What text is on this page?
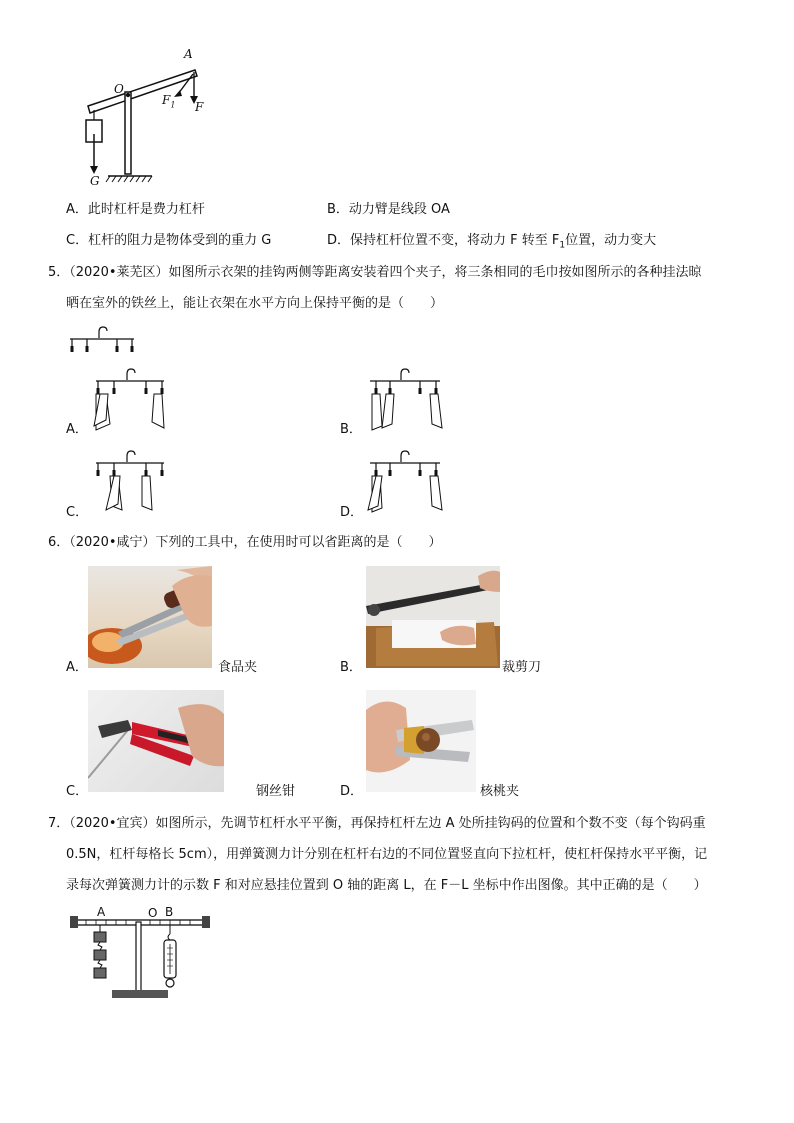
A
O
$F_1$ F
G
A．此时杠杆是费力杠杆	B．动力臂是线段 OA
C．杠杆的阻力是物体受到的重力 G	D．保持杠杆位置不变，将动力 F 转至 $F_1$位置，动力变大
5．（2020•莱芜区）如图所示衣架的挂钩两侧等距离安装着四个夹子，将三条相同的毛巾按如图所示的各种挂法晾
晒在室外的铁丝上，能让衣架在水平方向上保持平衡的是（　　）
A．	B．
C．	D．
6．（2020•咸宁）下列的工具中，在使用时可以省距离的是（　　）
A．	食品夹	B．	裁剪刀
C．	钢丝钳	D．	核桃夹
7．（2020•宜宾）如图所示，先调节杠杆水平平衡，再保持杠杆左边 A 处所挂钩码的位置和个数不变（每个钩码重
0.5N，杠杆每格长 5cm），用弹簧测力计分别在杠杆右边的不同位置竖直向下拉杠杆，使杠杆保持水平平衡，记
录每次弹簧测力计的示数 F 和对应悬挂位置到 O 轴的距离 L，在 F－L 坐标中作出图像。其中正确的是（　　）
A	O B
